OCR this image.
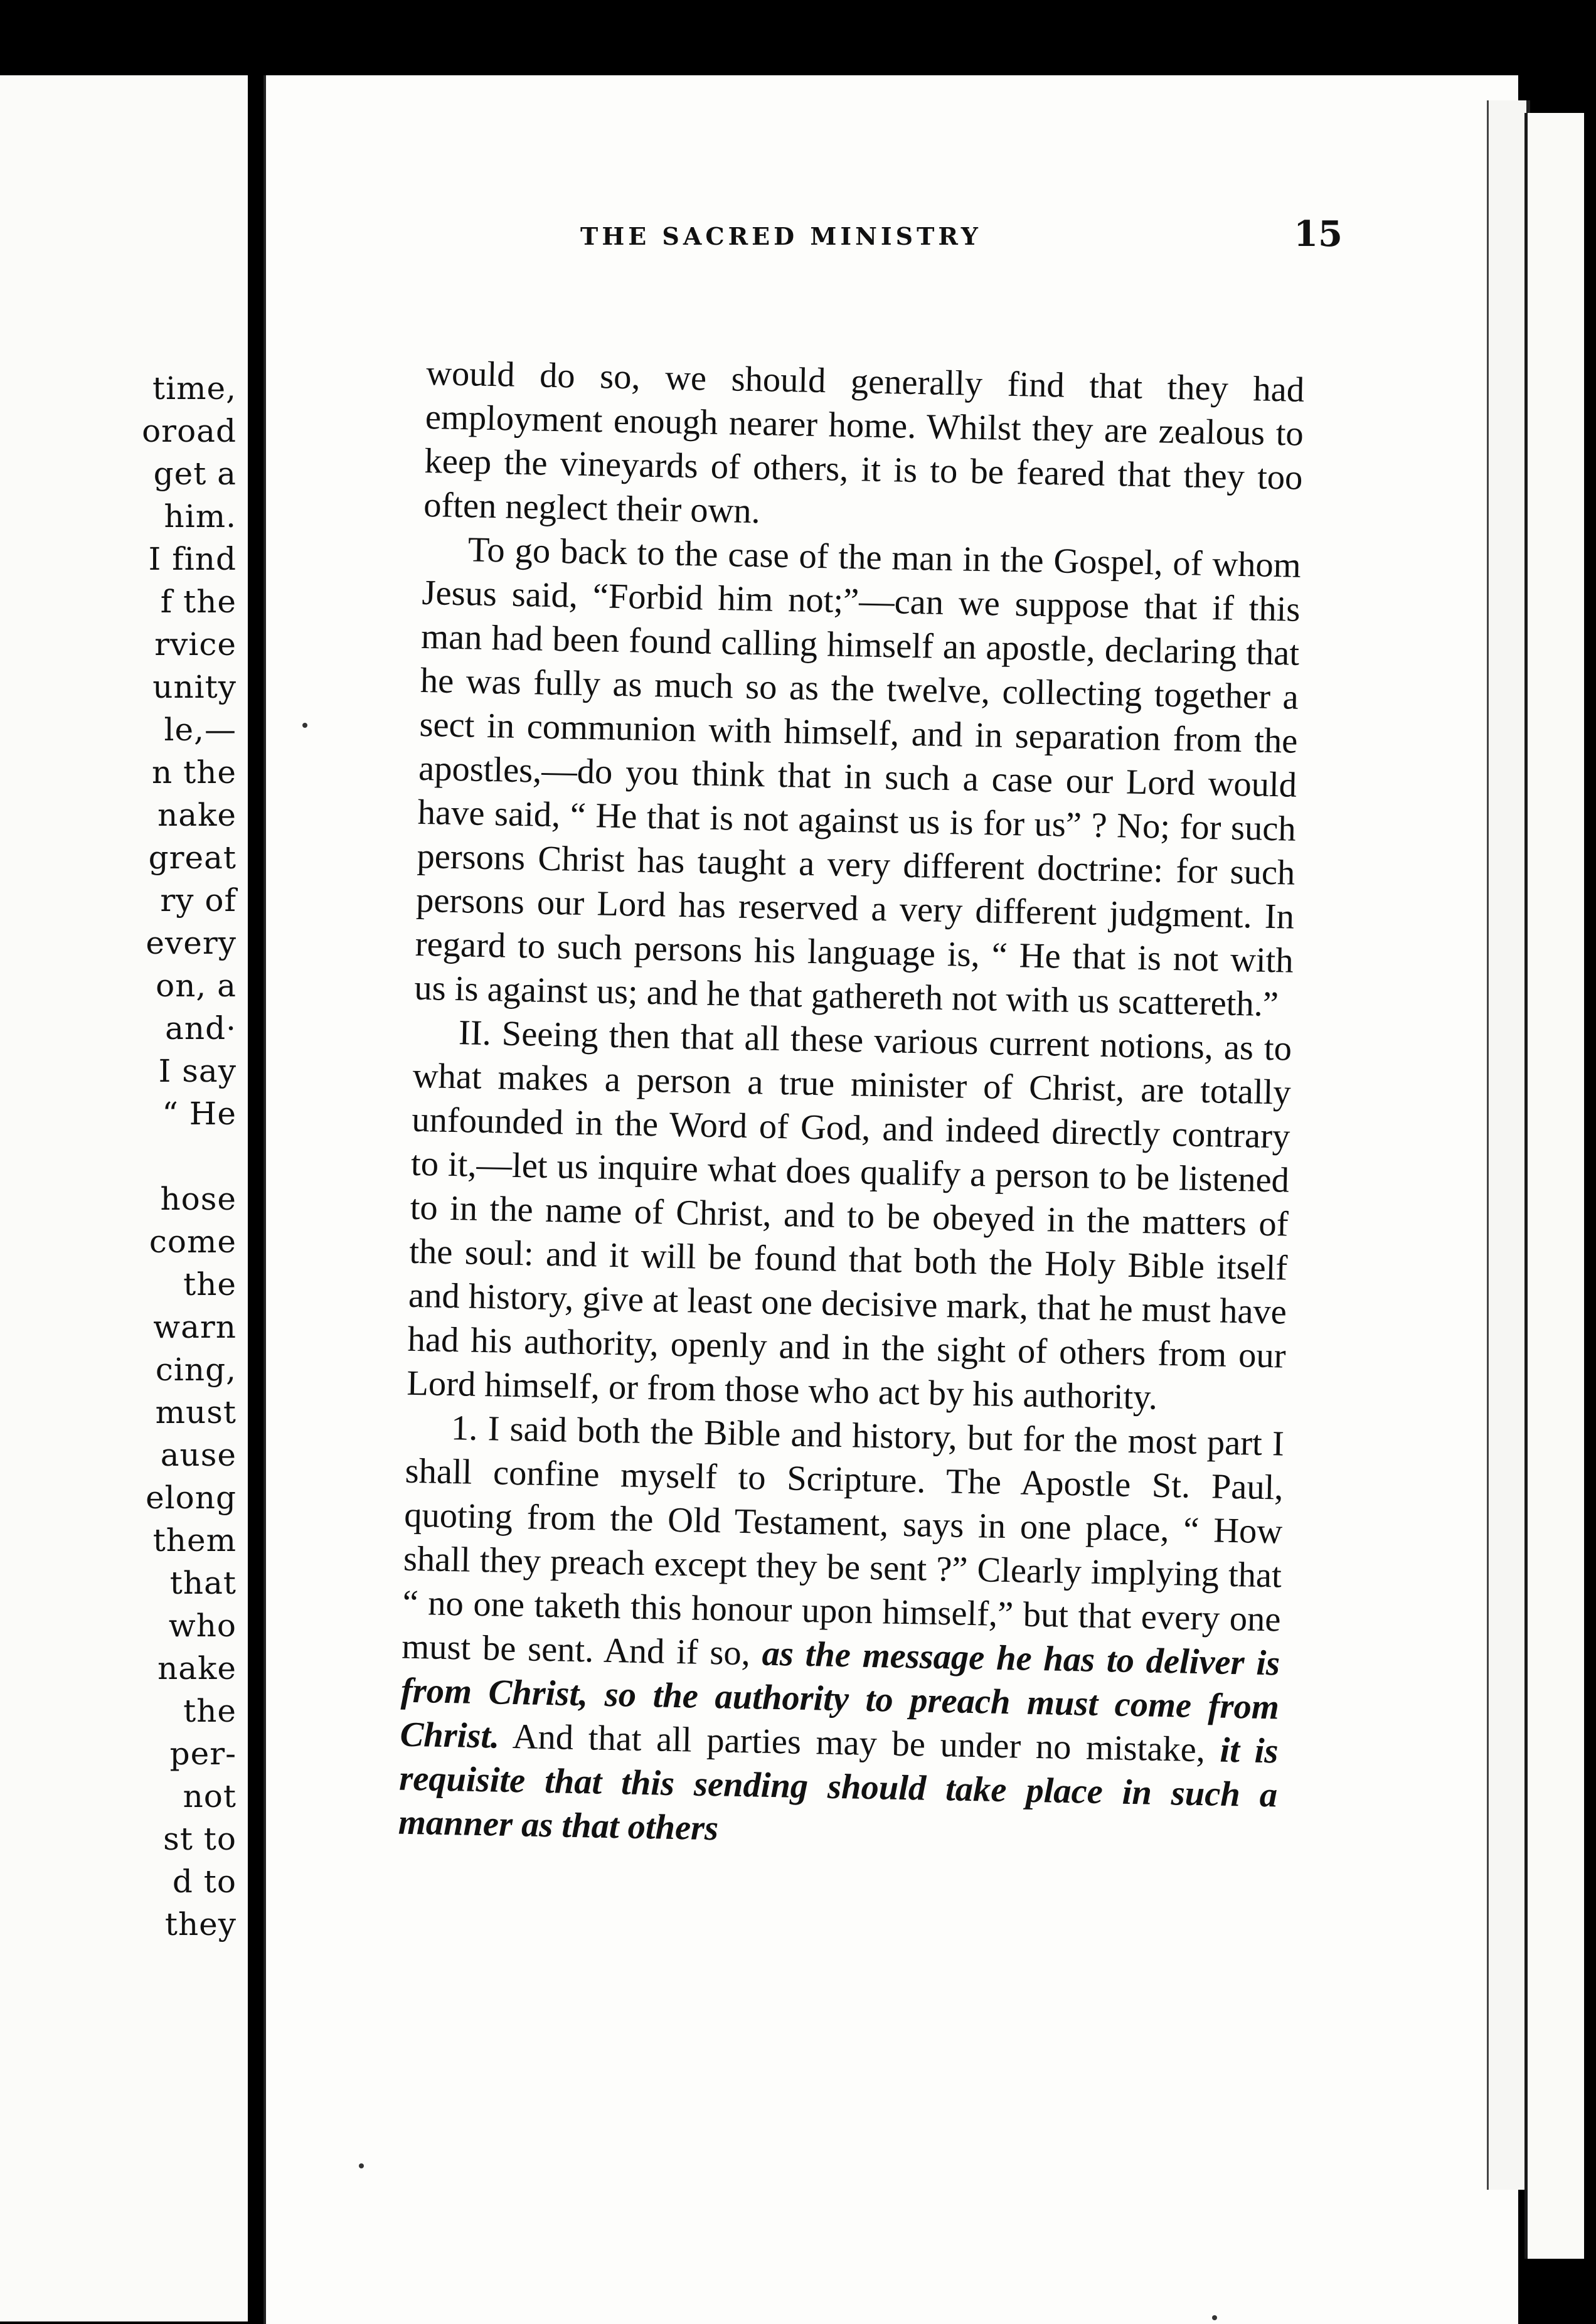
time,
oroad
get a
him.
I find
f the
rvice
unity
le,—
n the
nake
great
ry of
every
on, a
and·
I say
“ He

hose
come
the
warn
cing,
must
ause
elong
them
that
who
nake
the
per-
not
st to
d to
they
THE SACRED MINISTRY	15

would do so, we should generally find that they had employment enough nearer home. Whilst they are zealous to keep the vineyards of others, it is to be feared that they too often neglect their own.

To go back to the case of the man in the Gospel, of whom Jesus said, “Forbid him not;”—can we suppose that if this man had been found calling himself an apostle, declaring that he was fully as much so as the twelve, collecting together a sect in communion with himself, and in separation from the apostles,—do you think that in such a case our Lord would have said, “ He that is not against us is for us” ? No; for such persons Christ has taught a very different doctrine: for such persons our Lord has reserved a very different judgment. In regard to such persons his language is, “ He that is not with us is against us; and he that gathereth not with us scattereth.”

II. Seeing then that all these various current notions, as to what makes a person a true minister of Christ, are totally unfounded in the Word of God, and indeed directly contrary to it,—let us inquire what does qualify a person to be listened to in the name of Christ, and to be obeyed in the matters of the soul: and it will be found that both the Holy Bible itself and history, give at least one decisive mark, that he must have had his authority, openly and in the sight of others from our Lord himself, or from those who act by his authority.

1. I said both the Bible and history, but for the most part I shall confine myself to Scripture. The Apostle St. Paul, quoting from the Old Testament, says in one place, “ How shall they preach except they be sent ?” Clearly implying that “ no one taketh this honour upon himself,” but that every one must be sent. And if so, as the message he has to deliver is from Christ, so the authority to preach must come from Christ. And that all parties may be under no mistake, it is requisite that this sending should take place in such a manner as that others
